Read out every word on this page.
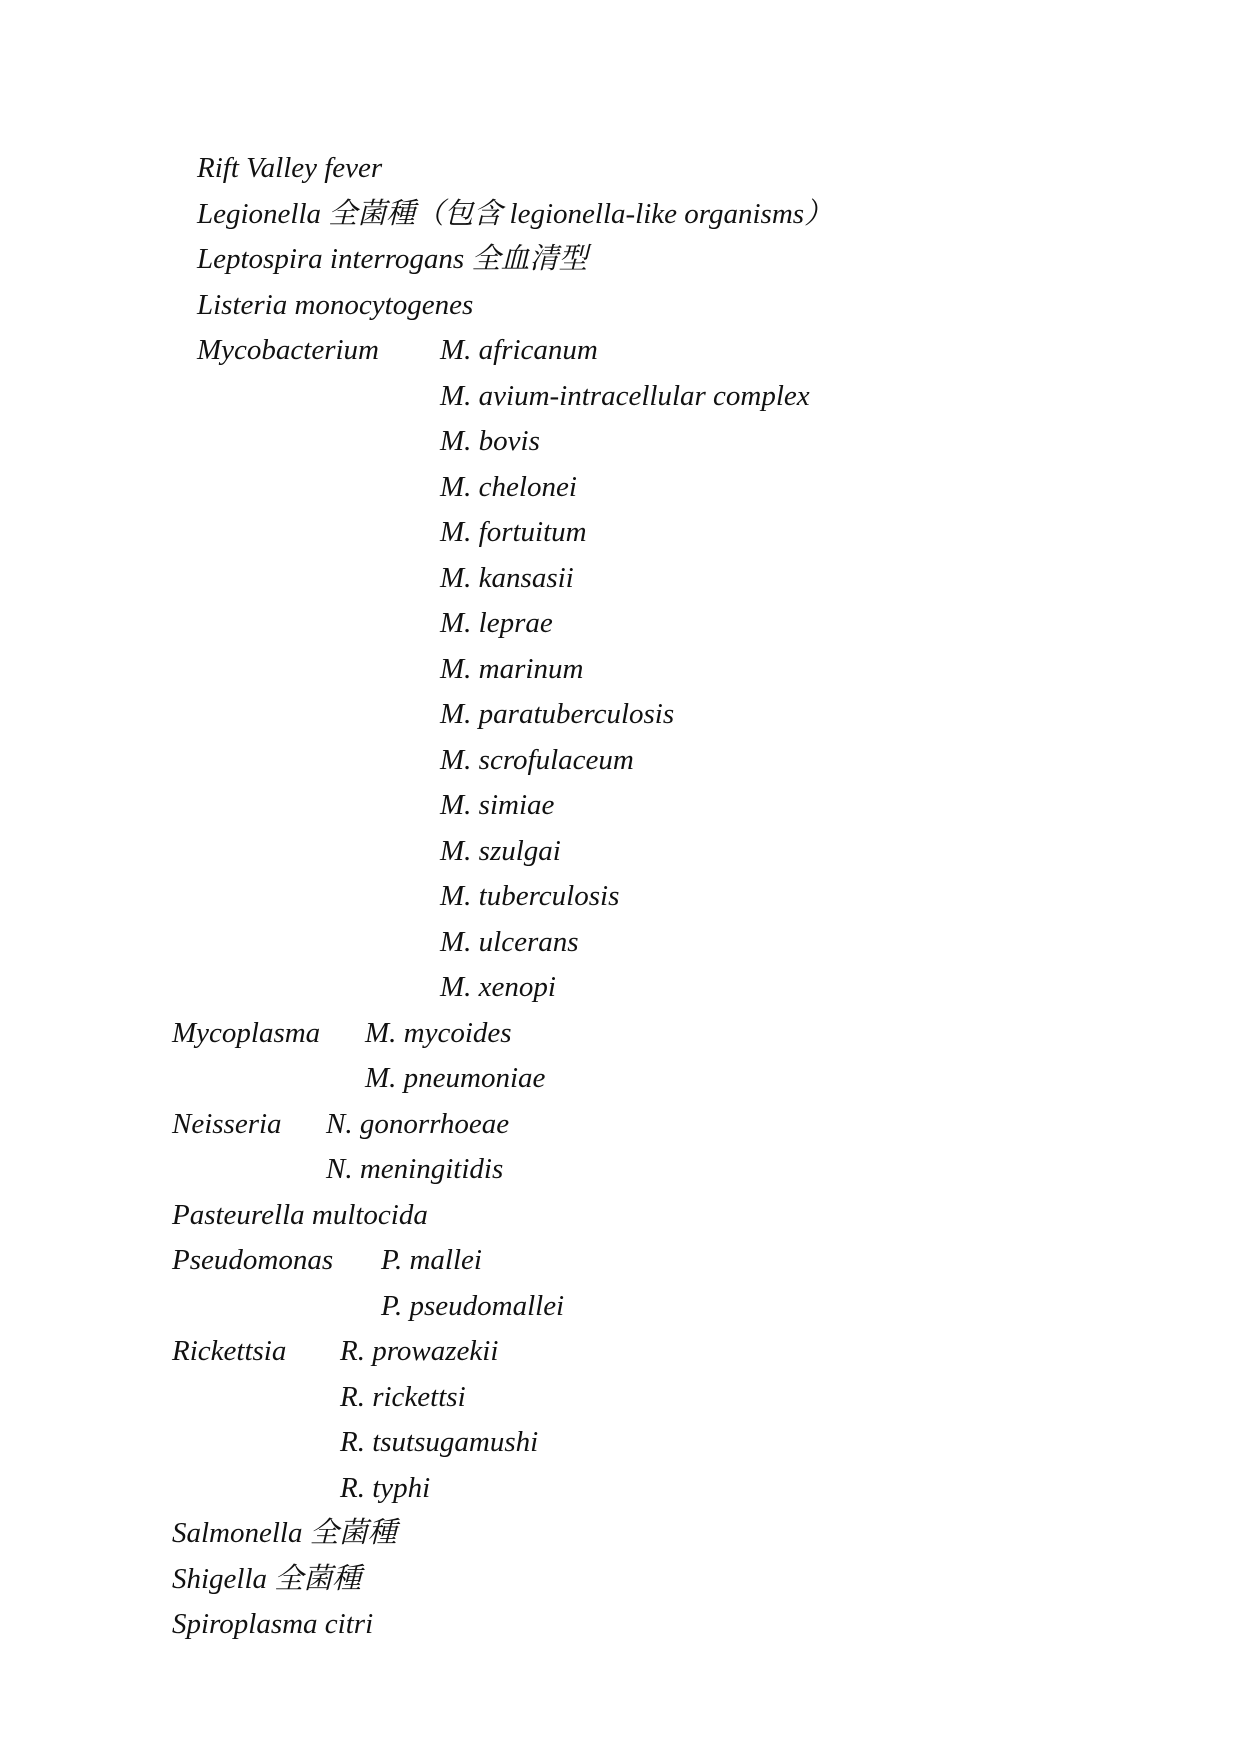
Rift Valley fever
Legionella 全菌種（包含 legionella-like organisms）
Leptospira interrogans 全血清型
Listeria monocytogenes
Mycobacterium	M. africanum
M. avium-intracellular complex
M. bovis
M. chelonei
M. fortuitum
M. kansasii
M. leprae
M. marinum
M. paratuberculosis
M. scrofulaceum
M. simiae
M. szulgai
M. tuberculosis
M. ulcerans
M. xenopi
Mycoplasma	M. mycoides
M. pneumoniae
Neisseria	N. gonorrhoeae
N. meningitidis
Pasteurella multocida
Pseudomonas	P. mallei
P. pseudomallei
Rickettsia	R. prowazekii
R. rickettsi
R. tsutsugamushi
R. typhi
Salmonella 全菌種
Shigella 全菌種
Spiroplasma citri
